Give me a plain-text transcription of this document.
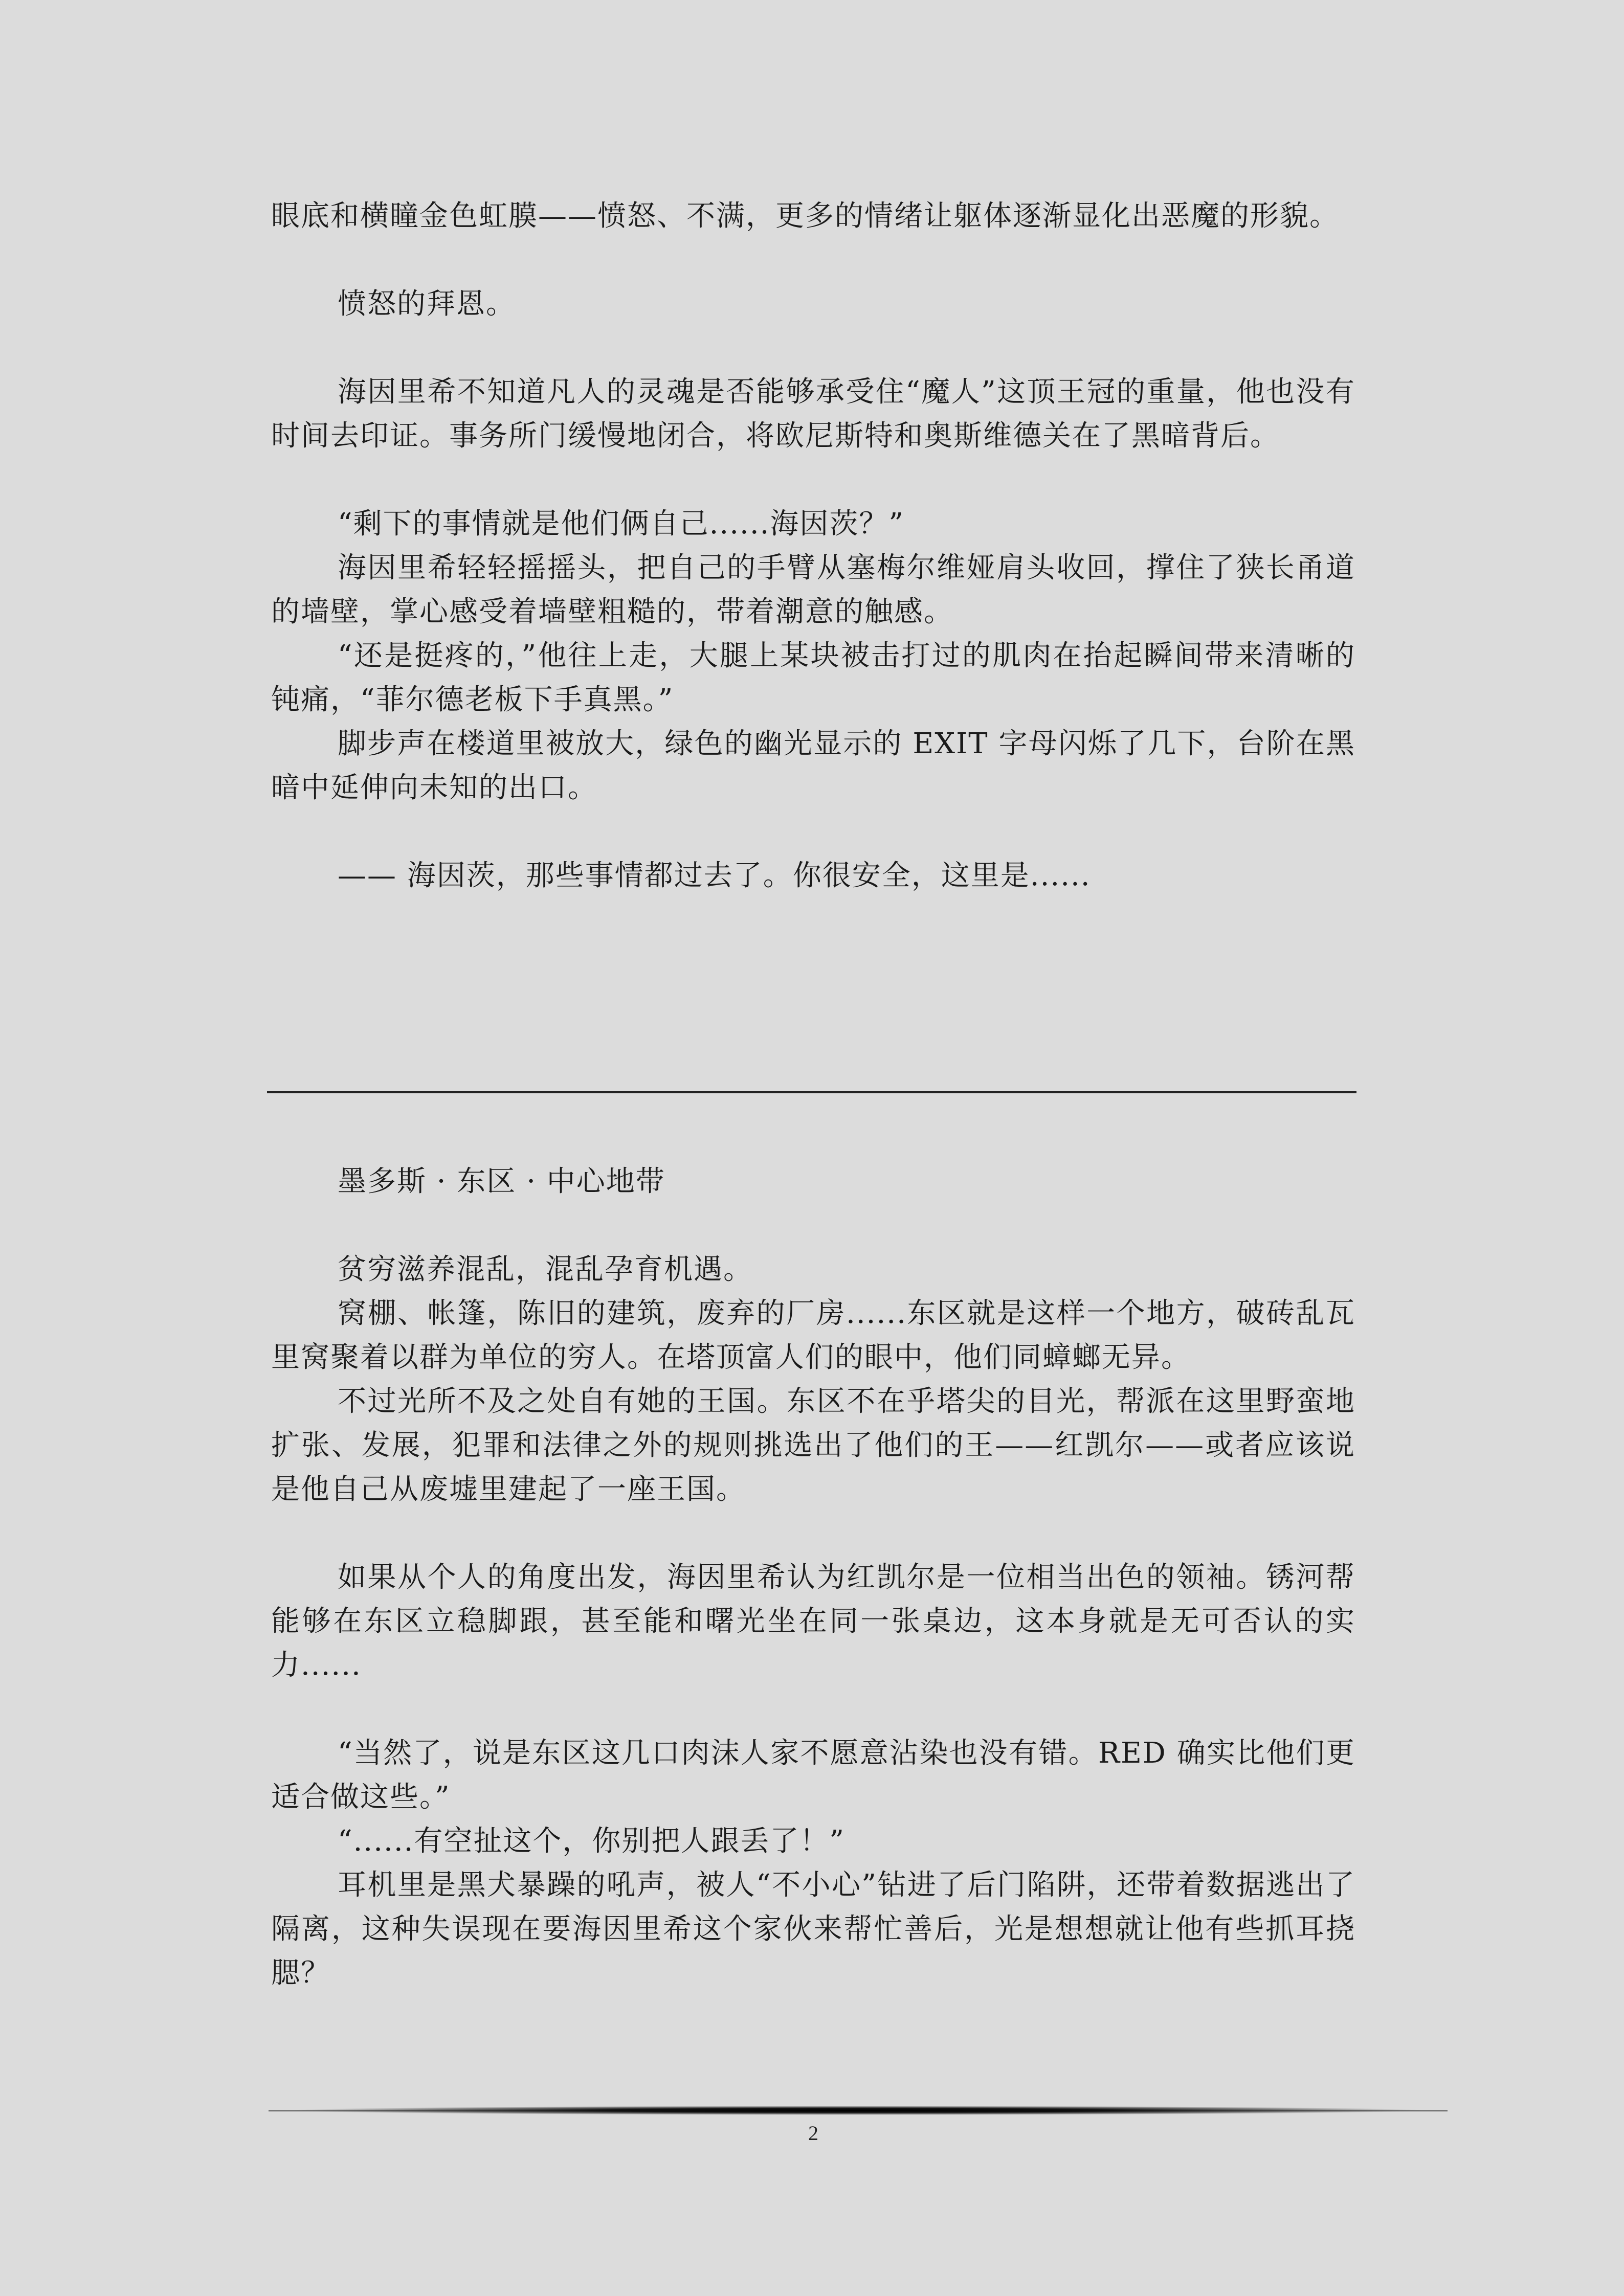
眼底和横瞳金色虹膜——愤怒、不满，更多的情绪让躯体逐渐显化出恶魔的形貌。

愤怒的拜恩。

海因里希不知道凡人的灵魂是否能够承受住“魔人”这顶王冠的重量，他也没有时间去印证。事务所门缓慢地闭合，将欧尼斯特和奥斯维德关在了黑暗背后。

“剩下的事情就是他们俩自己......海因茨？”

海因里希轻轻摇摇头，把自己的手臂从塞梅尔维娅肩头收回，撑住了狭长甬道的墙壁，掌心感受着墙壁粗糙的，带着潮意的触感。

“还是挺疼的，”他往上走，大腿上某块被击打过的肌肉在抬起瞬间带来清晰的钝痛，“菲尔德老板下手真黑。”

脚步声在楼道里被放大，绿色的幽光显示的 EXIT 字母闪烁了几下，台阶在黑暗中延伸向未知的出口。

—— 海因茨，那些事情都过去了。你很安全，这里是......

墨多斯 · 东区 · 中心地带

贫穷滋养混乱，混乱孕育机遇。

窝棚、帐篷，陈旧的建筑，废弃的厂房......东区就是这样一个地方，破砖乱瓦里窝聚着以群为单位的穷人。在塔顶富人们的眼中，他们同蟑螂无异。

不过光所不及之处自有她的王国。东区不在乎塔尖的目光，帮派在这里野蛮地扩张、发展，犯罪和法律之外的规则挑选出了他们的王——红凯尔——或者应该说是他自己从废墟里建起了一座王国。

如果从个人的角度出发，海因里希认为红凯尔是一位相当出色的领袖。锈河帮能够在东区立稳脚跟，甚至能和曙光坐在同一张桌边，这本身就是无可否认的实力......

“当然了，说是东区这几口肉沫人家不愿意沾染也没有错。RED 确实比他们更适合做这些。”

“......有空扯这个，你别把人跟丢了！”

耳机里是黑犬暴躁的吼声，被人“不小心”钻进了后门陷阱，还带着数据逃出了隔离，这种失误现在要海因里希这个家伙来帮忙善后，光是想想就让他有些抓耳挠腮？

2
